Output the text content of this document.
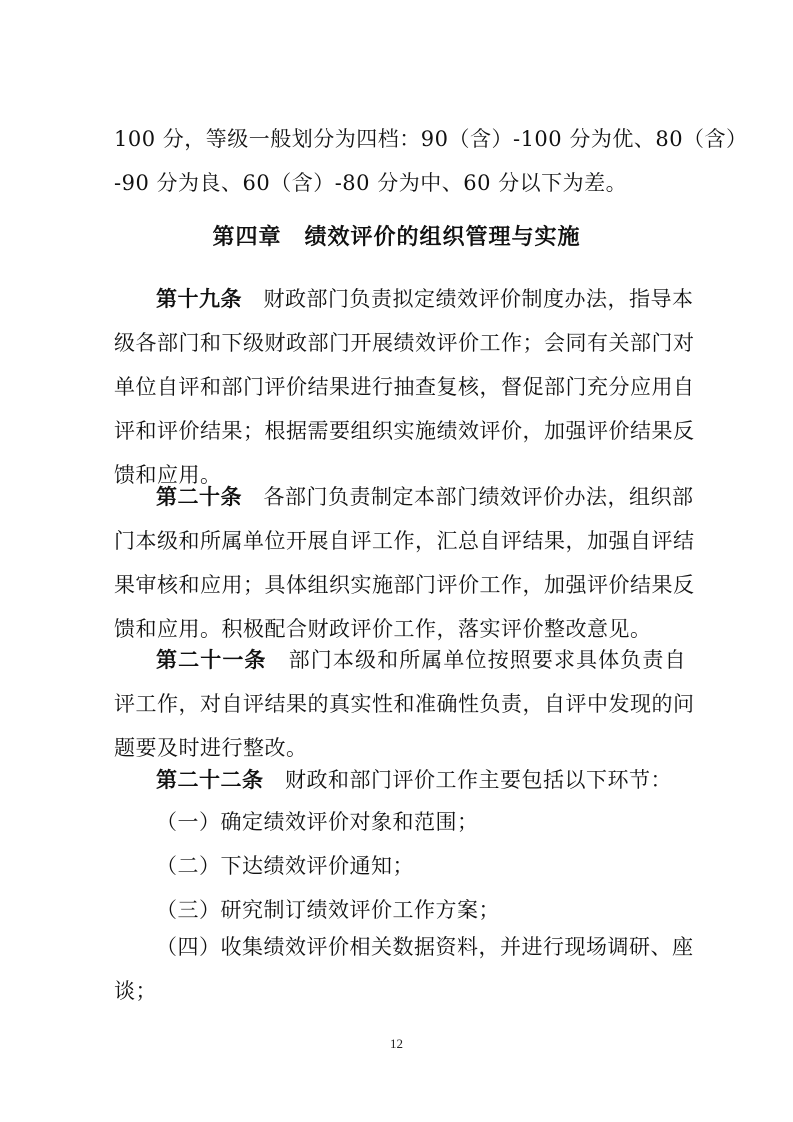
100 分，等级一般划分为四档：90（含）-100 分为优、80（含）
-90 分为良、60（含）-80 分为中、60 分以下为差。
第四章　绩效评价的组织管理与实施
第十九条　财政部门负责拟定绩效评价制度办法，指导本
级各部门和下级财政部门开展绩效评价工作；会同有关部门对
单位自评和部门评价结果进行抽查复核，督促部门充分应用自
评和评价结果；根据需要组织实施绩效评价，加强评价结果反
馈和应用。
第二十条　各部门负责制定本部门绩效评价办法，组织部
门本级和所属单位开展自评工作，汇总自评结果，加强自评结
果审核和应用；具体组织实施部门评价工作，加强评价结果反
馈和应用。积极配合财政评价工作，落实评价整改意见。
第二十一条　部门本级和所属单位按照要求具体负责自
评工作，对自评结果的真实性和准确性负责，自评中发现的问
题要及时进行整改。
第二十二条　财政和部门评价工作主要包括以下环节：
（一）确定绩效评价对象和范围；
（二）下达绩效评价通知；
（三）研究制订绩效评价工作方案；
（四）收集绩效评价相关数据资料，并进行现场调研、座
谈；
12
